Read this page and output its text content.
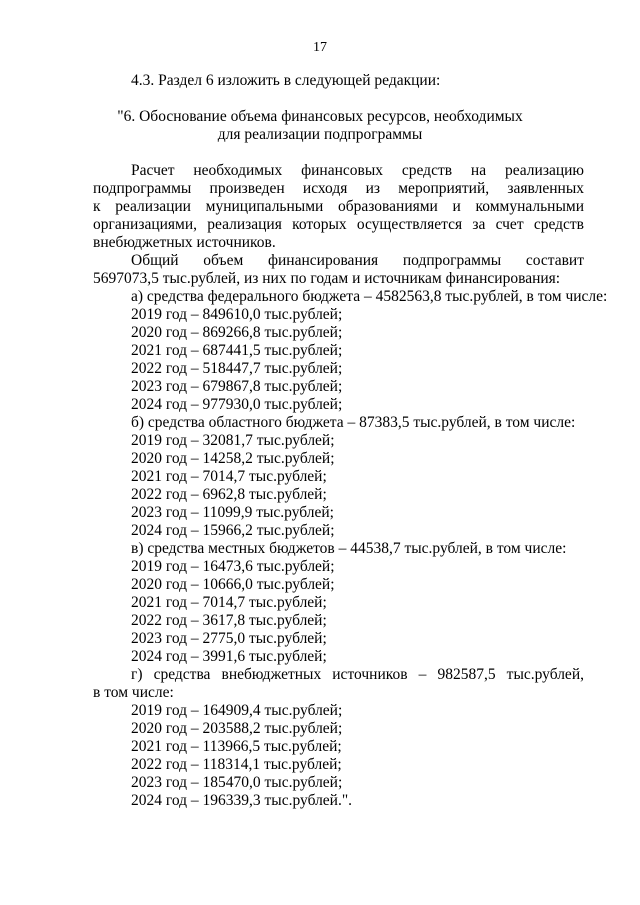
17
4.3. Раздел 6 изложить в следующей редакции:
"6. Обоснование объема финансовых ресурсов, необходимых
для реализации подпрограммы
Расчет необходимых финансовых средств на реализацию
подпрограммы произведен исходя из мероприятий, заявленных
к реализации муниципальными образованиями и коммунальными
организациями, реализация которых осуществляется за счет средств
внебюджетных источников.
Общий объем финансирования подпрограммы составит
5697073,5 тыс.рублей, из них по годам и источникам финансирования:
а) средства федерального бюджета – 4582563,8 тыс.рублей, в том числе:
2019 год – 849610,0 тыс.рублей;
2020 год – 869266,8 тыс.рублей;
2021 год – 687441,5 тыс.рублей;
2022 год – 518447,7 тыс.рублей;
2023 год – 679867,8 тыс.рублей;
2024 год – 977930,0 тыс.рублей;
б) средства областного бюджета – 87383,5 тыс.рублей, в том числе:
2019 год – 32081,7 тыс.рублей;
2020 год – 14258,2 тыс.рублей;
2021 год – 7014,7 тыс.рублей;
2022 год – 6962,8 тыс.рублей;
2023 год – 11099,9 тыс.рублей;
2024 год – 15966,2 тыс.рублей;
в) средства местных бюджетов – 44538,7 тыс.рублей, в том числе:
2019 год – 16473,6 тыс.рублей;
2020 год – 10666,0 тыс.рублей;
2021 год – 7014,7 тыс.рублей;
2022 год – 3617,8 тыс.рублей;
2023 год – 2775,0 тыс.рублей;
2024 год – 3991,6 тыс.рублей;
г) средства внебюджетных источников – 982587,5 тыс.рублей,
в том числе:
2019 год – 164909,4 тыс.рублей;
2020 год – 203588,2 тыс.рублей;
2021 год – 113966,5 тыс.рублей;
2022 год – 118314,1 тыс.рублей;
2023 год – 185470,0 тыс.рублей;
2024 год – 196339,3 тыс.рублей.".
